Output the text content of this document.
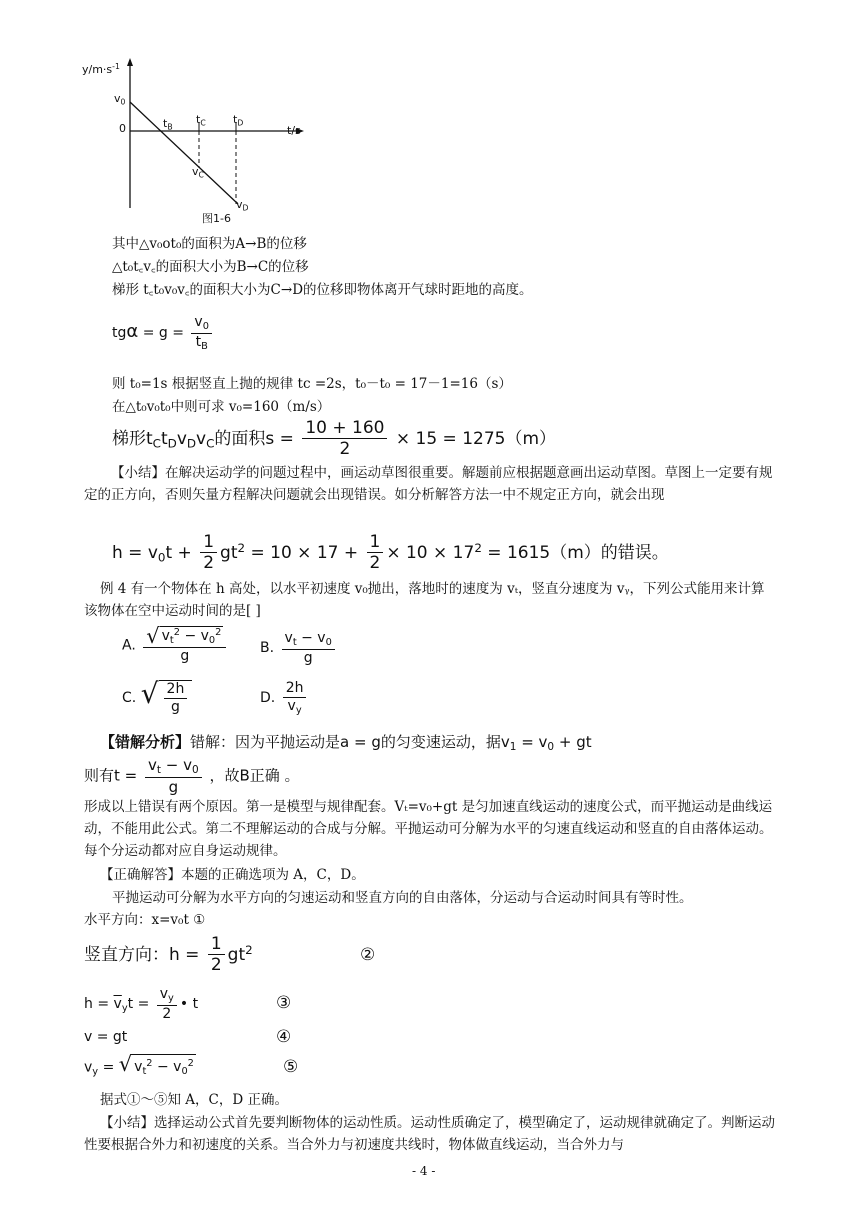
$y/m\cdot s^{-1}$
$v_0$
0	$t_B$
$t_C$ $t_D$
t/s
$v_C$
$v_D$
图1-6
其中△v₀ot₀的面积为A→B的位移
△t₀t꜀v꜀的面积大小为B→C的位移
梯形 t꜀t₀v₀v꜀的面积大小为C→D的位移即物体离开气球时距地的高度。
$tg\alpha = g = \frac{v_0}{t_B}$
则 t₀=1s 根据竖直上抛的规律 tc =2s，t₀－t₀ = 17－1=16（s）
在△t₀v₀t₀中则可求 v₀=160（m/s）
梯形$t_Ct_Dv_Dv_C$的面积$s = \frac{10 + 160}{2} \times 15 = 1275(m)$
【小结】在解决运动学的问题过程中，画运动草图很重要。解题前应根据题意画出运动草图。草图上一定要有规定的正方向，否则矢量方程解决问题就会出现错误。如分析解答方法一中不规定正方向，就会出现
$h = v_0t + \frac{1}{2} gt^2 = 10 \times 17 + \frac{1}{2} \times 10 \times 17^2 = 1615(m)$的错误。
例 4 有一个物体在 h 高处，以水平初速度 v₀抛出，落地时的速度为 vₜ，竖直分速度为 vᵧ，下列公式能用来计算该物体在空中运动时间的是[ ]
A. $\frac{√ v_t^2 - v_0^2}{g} B$. $\frac{v_t - v_0}{g}$
C. √ $\frac{2h}{g}$	D. $\frac{2h}{v_y}$
【错解分析】错解：因为平抛运动是a = g的匀变速运动，据$v_1 = v_0$ + gt
则有$t = \frac{v_t - v_0}{g}$ ，故B正确 。
形成以上错误有两个原因。第一是模型与规律配套。Vₜ=v₀+gt 是匀加速直线运动的速度公式，而平抛运动是曲线运动，不能用此公式。第二不理解运动的合成与分解。平抛运动可分解为水平的匀速直线运动和竖直的自由落体运动。每个分运动都对应自身运动规律。
【正确解答】本题的正确选项为 A，C，D。
平抛运动可分解为水平方向的匀速运动和竖直方向的自由落体，分运动与合运动时间具有等时性。
水平方向：x=v₀t ①
竖直方向：$h = \frac{1}{2} gt^2$	②
$h = \overline{v}_yt = \frac{v_y}{2}$ • t	③
v = gt	④
$v_y$ = √ $v_t^2 - v_0^2$	⑤
据式①～⑤知 A，C，D 正确。
【小结】选择运动公式首先要判断物体的运动性质。运动性质确定了，模型确定了，运动规律就确定了。判断运动性要根据合外力和初速度的关系。当合外力与初速度共线时，物体做直线运动，当合外力与
- 4 -
